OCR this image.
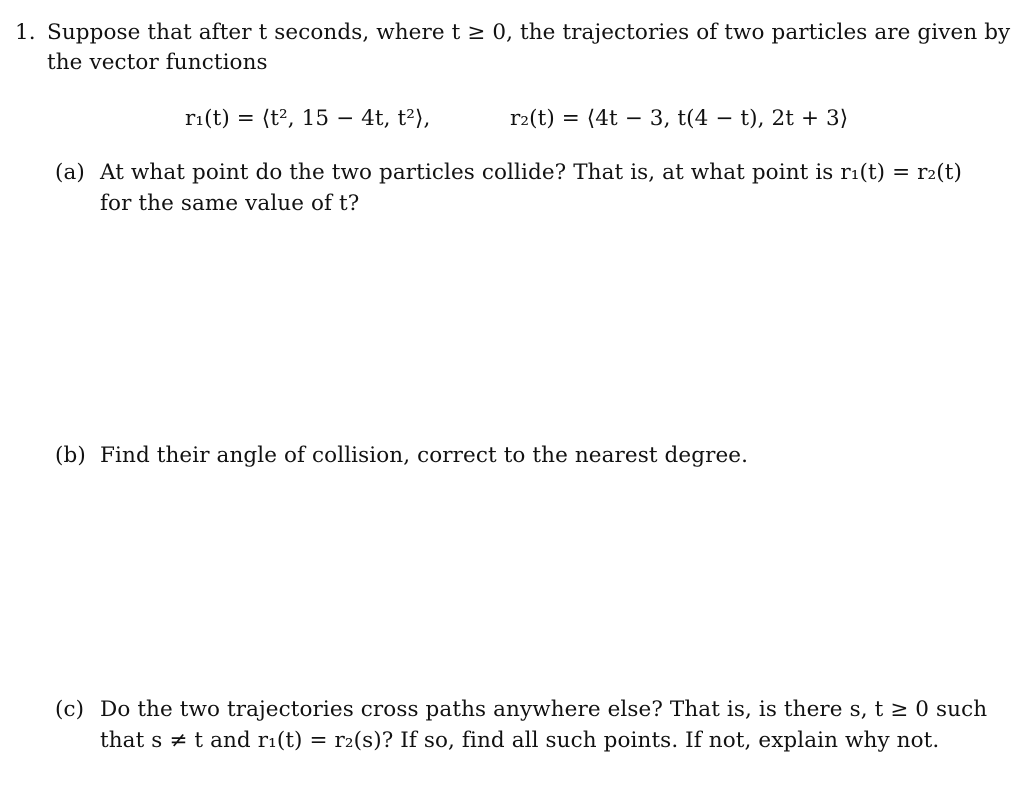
1. Suppose that after t seconds, where t ≥ 0, the trajectories of two particles are given by
the vector functions
r₁(t) = ⟨t², 15 − 4t, t²⟩,	r₂(t) = ⟨4t − 3, t(4 − t), 2t + 3⟩
(a) At what point do the two particles collide? That is, at what point is r₁(t) = r₂(t)
for the same value of t?
(b) Find their angle of collision, correct to the nearest degree.
(c) Do the two trajectories cross paths anywhere else? That is, is there s, t ≥ 0 such
that s ≠ t and r₁(t) = r₂(s)? If so, find all such points. If not, explain why not.
